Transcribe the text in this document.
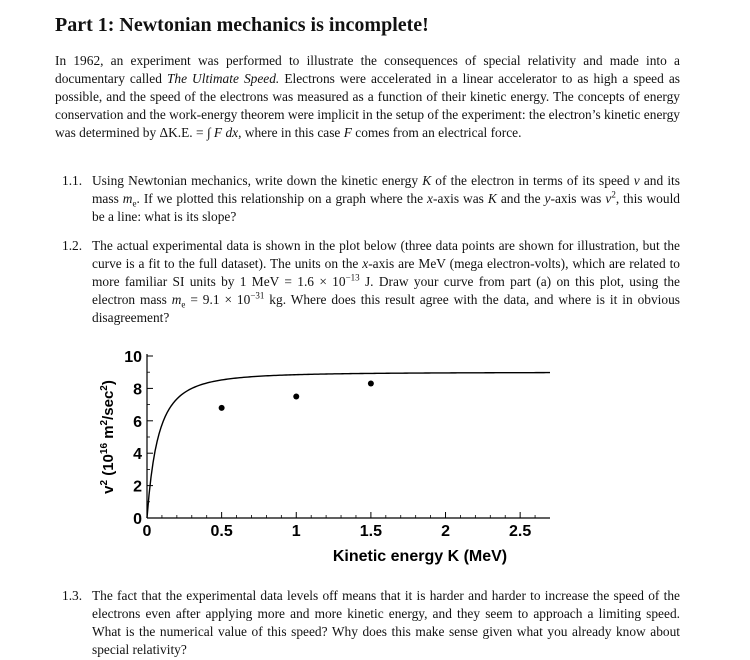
Part 1: Newtonian mechanics is incomplete!

In 1962, an experiment was performed to illustrate the consequences of special relativity and made into a documentary called The Ultimate Speed. Electrons were accelerated in a linear accelerator to as high a speed as possible, and the speed of the electrons was measured as a function of their kinetic energy. The concepts of energy conservation and the work-energy theorem were implicit in the setup of the experiment: the electron’s kinetic energy was determined by ΔK.E. = ∫ F dx, where in this case F comes from an electrical force.

1.1. Using Newtonian mechanics, write down the kinetic energy K of the electron in terms of its speed v and its mass $m_e$. If we plotted this relationship on a graph where the x-axis was K and the y-axis was $v^2$, this would be a line: what is its slope?

1.2. The actual experimental data is shown in the plot below (three data points are shown for illustration, but the curve is a fit to the full dataset). The units on the x-axis are MeV (mega electron-volts), which are related to more familiar SI units by 1 MeV = $1.6 \times 10^{-13}$ J. Draw your curve from part (a) on this plot, using the electron mass $m_e = 9.1 \times 10^{-31}$ kg. Where does this result agree with the data, and where is it in obvious disagreement?

0
2
4
6
8
10
0	0.5	1	1.5	2	2.5
Kinetic energy K (MeV)
$v^2$ ($10^{16}$ $m^2/\sec^2$)
1.3. The fact that the experimental data levels off means that it is harder and harder to increase the speed of the electrons even after applying more and more kinetic energy, and they seem to approach a limiting speed. What is the numerical value of this speed? Why does this make sense given what you already know about special relativity?
